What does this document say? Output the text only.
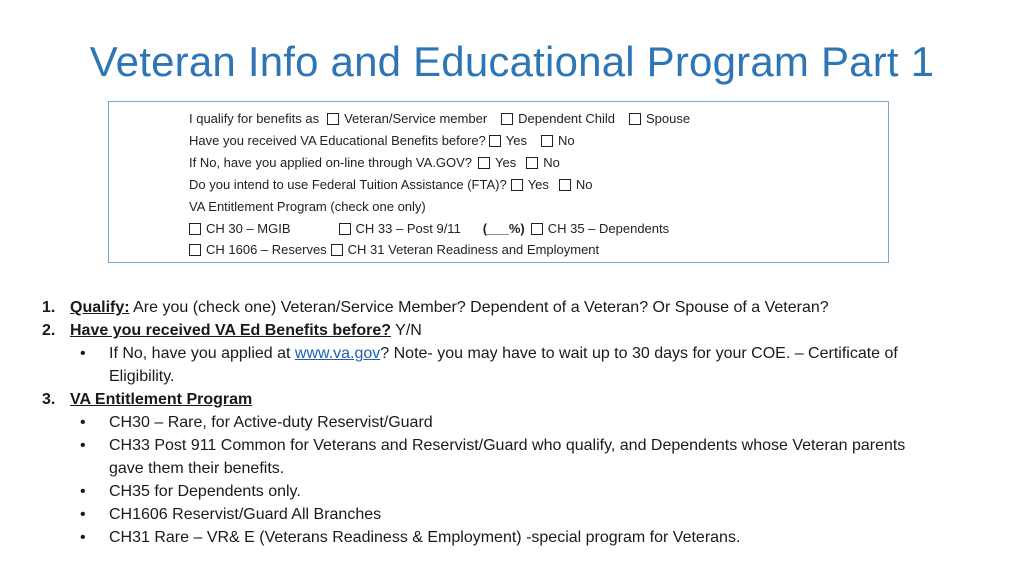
Veteran Info and Educational Program Part 1
I qualify for benefits as Veteran/Service member Dependent Child Spouse
Have you received VA Educational Benefits before? Yes No
If No, have you applied on-line through VA.GOV? Yes No
Do you intend to use Federal Tuition Assistance (FTA)? Yes No
VA Entitlement Program (check one only)
CH 30 – MGIB	CH 33 – Post 9/11 (___%) CH 35 – Dependents
CH 1606 – Reserves CH 31 Veteran Readiness and Employment
1. Qualify: Are you (check one) Veteran/Service Member? Dependent of a Veteran? Or Spouse of a Veteran?
2. Have you received VA Ed Benefits before? Y/N
• If No, have you applied at www.va.gov? Note- you may have to wait up to 30 days for your COE. – Certificate of
Eligibility.
3. VA Entitlement Program
• CH30 – Rare, for Active-duty Reservist/Guard
• CH33 Post 911 Common for Veterans and Reservist/Guard who qualify, and Dependents whose Veteran parents
gave them their benefits.
• CH35 for Dependents only.
• CH1606 Reservist/Guard All Branches
• CH31 Rare – VR& E (Veterans Readiness & Employment) -special program for Veterans.
